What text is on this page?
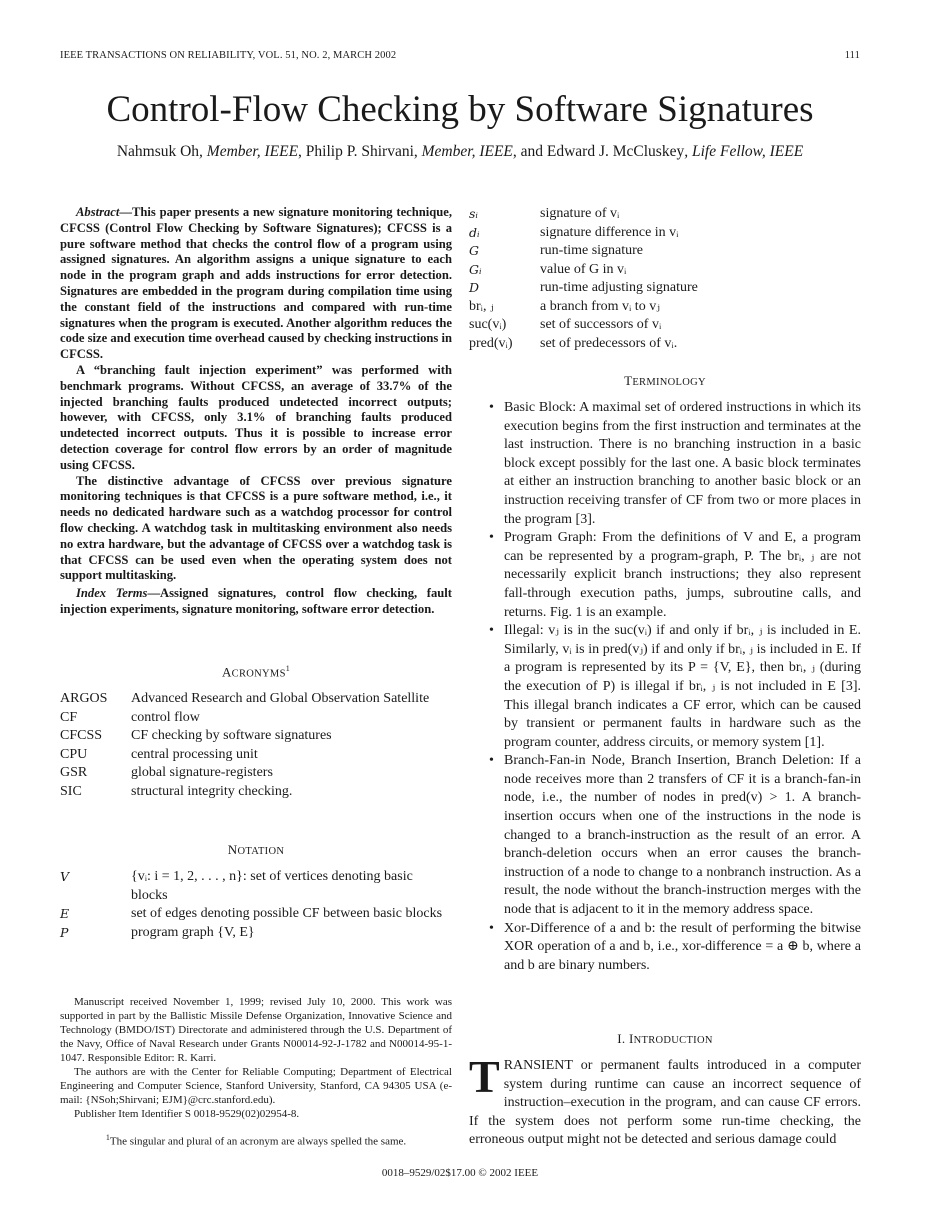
IEEE TRANSACTIONS ON RELIABILITY, VOL. 51, NO. 2, MARCH 2002	111
Control-Flow Checking by Software Signatures
Nahmsuk Oh, Member, IEEE, Philip P. Shirvani, Member, IEEE, and Edward J. McCluskey, Life Fellow, IEEE

Abstract—This paper presents a new signature monitoring technique, CFCSS (Control Flow Checking by Software Signatures); CFCSS is a pure software method that checks the control flow of a program using assigned signatures. An algorithm assigns a unique signature to each node in the program graph and adds instructions for error detection. Signatures are embedded in the program during compilation time using the constant field of the instructions and compared with run-time signatures when the program is executed. Another algorithm reduces the code size and execution time overhead caused by checking instructions in CFCSS.

A “branching fault injection experiment” was performed with benchmark programs. Without CFCSS, an average of 33.7% of the injected branching faults produced undetected incorrect outputs; however, with CFCSS, only 3.1% of branching faults produced undetected incorrect outputs. Thus it is possible to increase error detection coverage for control flow errors by an order of magnitude using CFCSS.

The distinctive advantage of CFCSS over previous signature monitoring techniques is that CFCSS is a pure software method, i.e., it needs no dedicated hardware such as a watchdog processor for control flow checking. A watchdog task in multitasking environment also needs no extra hardware, but the advantage of CFCSS over a watchdog task is that CFCSS can be used even when the operating system does not support multitasking.

Index Terms—Assigned signatures, control flow checking, fault injection experiments, signature monitoring, software error detection.

ACRONYMS$^1$
ARGOS	Advanced Research and Global Observation Satellite
CF	control flow
CFCSS	CF checking by software signatures
CPU	central processing unit
GSR	global signature-registers
SIC	structural integrity checking.
NOTATION
V	{vᵢ: i = 1, 2, . . . , n}: set of vertices denoting basic blocks
E	set of edges denoting possible CF between basic blocks
P	program graph {V, E}

Manuscript received November 1, 1999; revised July 10, 2000. This work was supported in part by the Ballistic Missile Defense Organization, Innovative Science and Technology (BMDO/IST) Directorate and administered through the U.S. Department of the Navy, Office of Naval Research under Grants N00014-92-J-1782 and N00014-95-1-1047. Responsible Editor: R. Karri.

The authors are with the Center for Reliable Computing; Department of Electrical Engineering and Computer Science, Stanford University, Stanford, CA 94305 USA (e-mail: {NSoh;Shirvani; EJM}@crc.stanford.edu).

Publisher Item Identifier S 0018-9529(02)02954-8.

$^1$The singular and plural of an acronym are always spelled the same.
sᵢ	signature of vᵢ
dᵢ	signature difference in vᵢ
G	run-time signature
Gᵢ	value of G in vᵢ
D	run-time adjusting signature
brᵢ, ⱼ	a branch from vᵢ to vⱼ
suc(vᵢ)	set of successors of vᵢ
pred(vᵢ)	set of predecessors of vᵢ.
TERMINOLOGY
• Basic Block: A maximal set of ordered instructions in which its execution begins from the first instruction and terminates at the last instruction. There is no branching instruction in a basic block except possibly for the last one. A basic block terminates at either an instruction branching to another basic block or an instruction receiving transfer of CF from two or more places in the program [3].
• Program Graph: From the definitions of V and E, a program can be represented by a program-graph, P. The brᵢ, ⱼ are not necessarily explicit branch instructions; they also represent fall-through execution paths, jumps, subroutine calls, and returns. Fig. 1 is an example.
• Illegal: vⱼ is in the suc(vᵢ) if and only if brᵢ, ⱼ is included in E. Similarly, vᵢ is in pred(vⱼ) if and only if brᵢ, ⱼ is included in E. If a program is represented by its P = {V, E}, then brᵢ, ⱼ (during the execution of P) is illegal if brᵢ, ⱼ is not included in E [3]. This illegal branch indicates a CF error, which can be caused by transient or permanent faults in hardware such as the program counter, address circuits, or memory system [1].
• Branch-Fan-in Node, Branch Insertion, Branch Deletion: If a node receives more than 2 transfers of CF it is a branch-fan-in node, i.e., the number of nodes in pred(v) > 1. A branch-insertion occurs when one of the instructions in the node is changed to a branch-instruction as the result of an error. A branch-deletion occurs when an error causes the branch-instruction of a node to change to a nonbranch instruction. As a result, the node without the branch-instruction merges with the node that is adjacent to it in the memory address space.
• Xor-Difference of a and b: the result of performing the bitwise XOR operation of a and b, i.e., xor-difference = a ⊕ b, where a and b are binary numbers.
I. INTRODUCTION
TRANSIENT or permanent faults introduced in a computer system during runtime can cause an incorrect sequence of instruction–execution in the program, and can cause CF errors. If the system does not perform some run-time checking, the erroneous output might not be detected and serious damage could
0018–9529/02$17.00 © 2002 IEEE
